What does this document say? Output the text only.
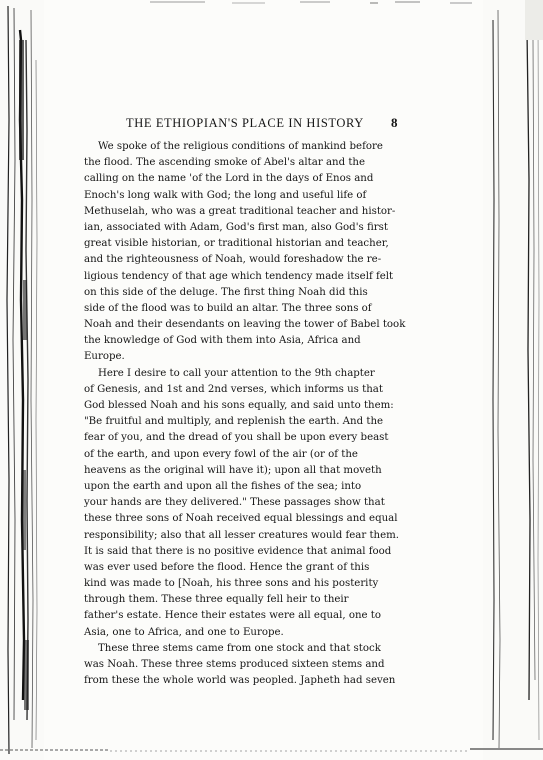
THE ETHIOPIAN'S PLACE IN HISTORY	8
We spoke of the religious conditions of mankind before
the flood. The ascending smoke of Abel's altar and the
calling on the name 'of the Lord in the days of Enos and
Enoch's long walk with God; the long and useful life of
Methuselah, who was a great traditional teacher and histor-
ian, associated with Adam, God's first man, also God's first
great visible historian, or traditional historian and teacher,
and the righteousness of Noah, would foreshadow the re-
ligious tendency of that age which tendency made itself felt
on this side of the deluge. The first thing Noah did this
side of the flood was to build an altar. The three sons of
Noah and their desendants on leaving the tower of Babel took
the knowledge of God with them into Asia, Africa and
Europe.
Here I desire to call your attention to the 9th chapter
of Genesis, and 1st and 2nd verses, which informs us that
God blessed Noah and his sons equally, and said unto them:
"Be fruitful and multiply, and replenish the earth. And the
fear of you, and the dread of you shall be upon every beast
of the earth, and upon every fowl of the air (or of the
heavens as the original will have it); upon all that moveth
upon the earth and upon all the fishes of the sea; into
your hands are they delivered." These passages show that
these three sons of Noah received equal blessings and equal
responsibility; also that all lesser creatures would fear them.
It is said that there is no positive evidence that animal food
was ever used before the flood. Hence the grant of this
kind was made to [Noah, his three sons and his posterity
through them. These three equally fell heir to their
father's estate. Hence their estates were all equal, one to
Asia, one to Africa, and one to Europe.
These three stems came from one stock and that stock
was Noah. These three stems produced sixteen stems and
from these the whole world was peopled. Japheth had seven
